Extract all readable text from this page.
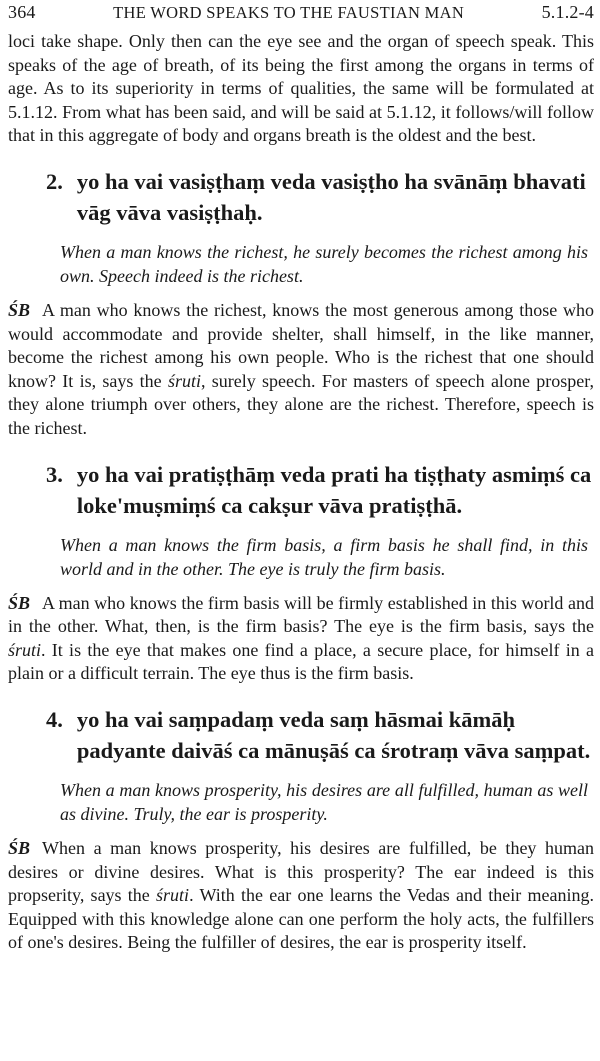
364	THE WORD SPEAKS TO THE FAUSTIAN MAN	5.1.2-4

loci take shape. Only then can the eye see and the organ of speech speak. This speaks of the age of breath, of its being the first among the organs in terms of age. As to its superiority in terms of qualities, the same will be formulated at 5.1.12. From what has been said, and will be said at 5.1.12, it follows/will follow that in this aggregate of body and organs breath is the oldest and the best.

2. yo ha vai vasiṣṭhaṃ veda vasiṣṭho ha svānāṃ bhavati vāg vāva vasiṣṭhaḥ.

When a man knows the richest, he surely becomes the richest among his own. Speech indeed is the richest.

ŚB A man who knows the richest, knows the most generous among those who would accommodate and provide shelter, shall himself, in the like manner, become the richest among his own people. Who is the richest that one should know? It is, says the śruti, surely speech. For masters of speech alone prosper, they alone triumph over others, they alone are the richest. Therefore, speech is the richest.

3. yo ha vai pratiṣṭhāṃ veda prati ha tiṣṭhaty asmiṃś ca loke'muṣmiṃś ca cakṣur vāva pratiṣṭhā.

When a man knows the firm basis, a firm basis he shall find, in this world and in the other. The eye is truly the firm basis.

ŚB A man who knows the firm basis will be firmly established in this world and in the other. What, then, is the firm basis? The eye is the firm basis, says the śruti. It is the eye that makes one find a place, a secure place, for himself in a plain or a difficult terrain. The eye thus is the firm basis.

4. yo ha vai saṃpadaṃ veda saṃ hāsmai kāmāḥ padyante daivāś ca mānuṣāś ca śrotraṃ vāva saṃpat.

When a man knows prosperity, his desires are all fulfilled, human as well as divine. Truly, the ear is prosperity.

ŚB When a man knows prosperity, his desires are fulfilled, be they human desires or divine desires. What is this prosperity? The ear indeed is this propserity, says the śruti. With the ear one learns the Vedas and their meaning. Equipped with this knowledge alone can one perform the holy acts, the fulfillers of one's desires. Being the fulfiller of desires, the ear is prosperity itself.
